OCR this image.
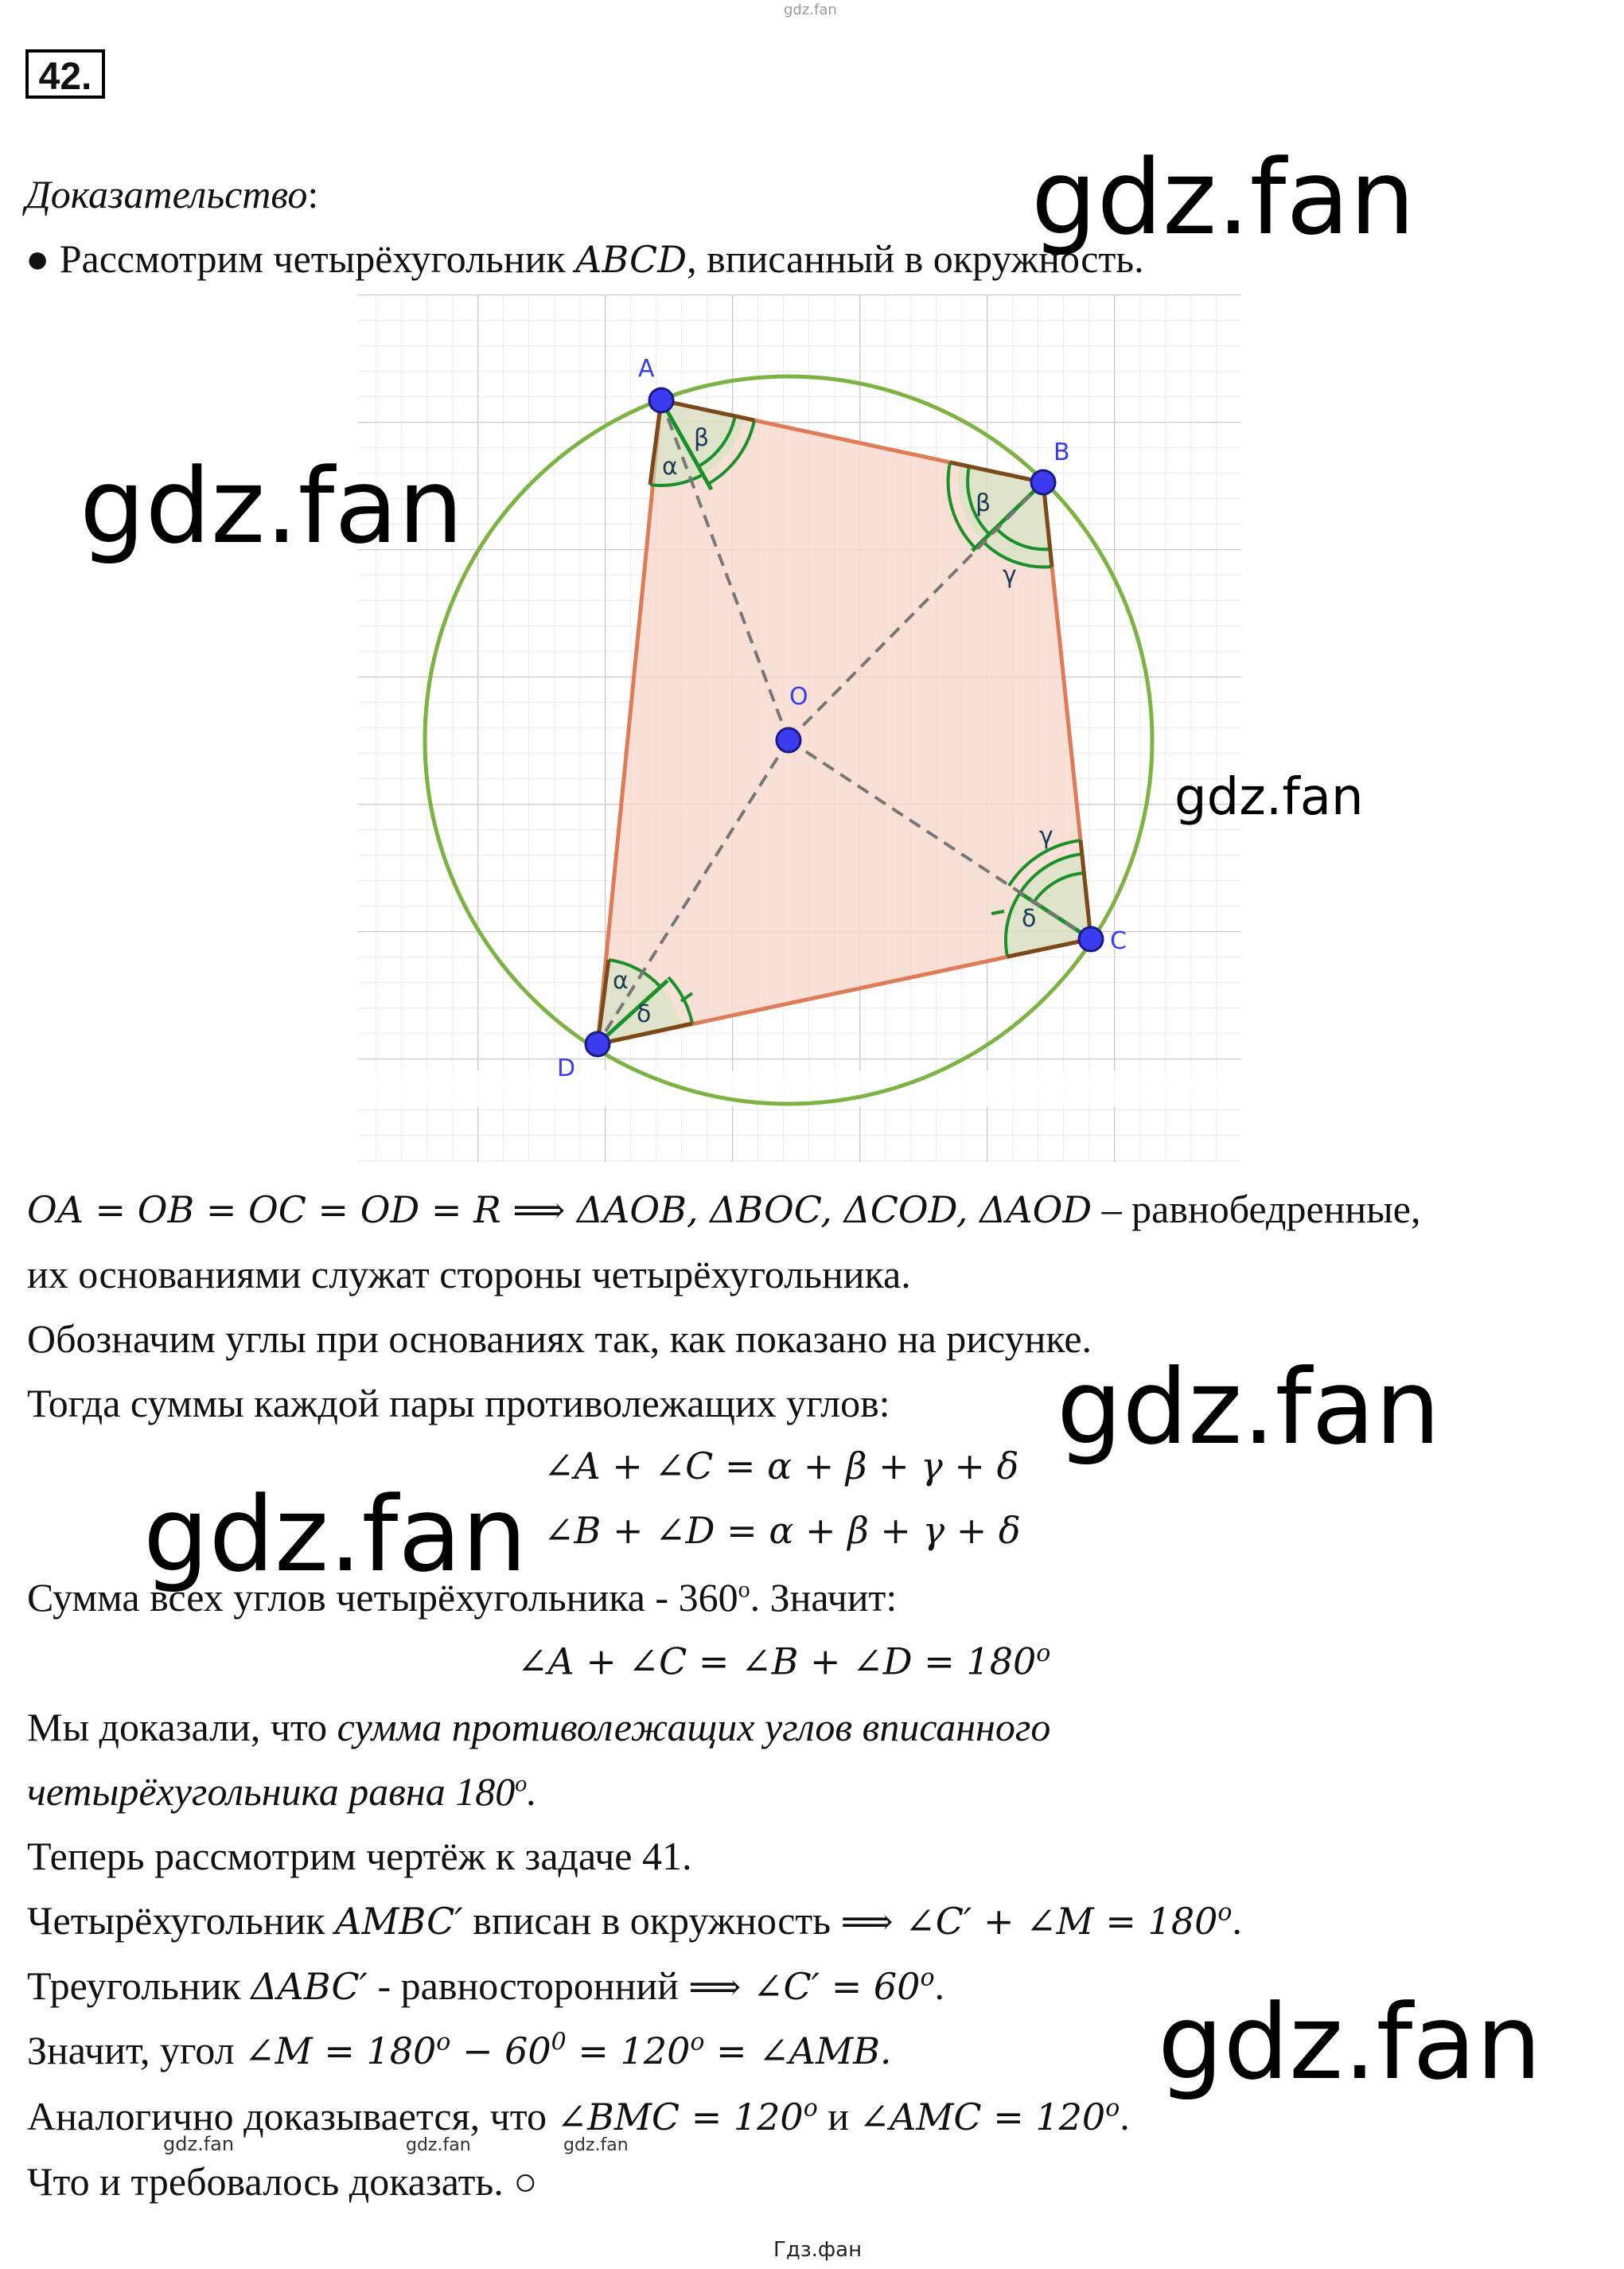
gdz.fan
42.
Доказательство:
● Рассмотрим четырёхугольник ABCD, вписанный в окружность.
A
B
C
D
O
α
β
β
γ
γ
δ
α
δ
OA = OB = OC = OD = R ⟹ ΔAOB, ΔBOC, ΔCOD, ΔAOD – равнобедренные,
их основаниями служат стороны четырёхугольника.
Обозначим углы при основаниях так, как показано на рисунке.
Тогда суммы каждой пары противолежащих углов:
∠A + ∠C = α + β + γ + δ
∠B + ∠D = α + β + γ + δ
Сумма всех углов четырёхугольника - 360$^o$. Значит:
∠A + ∠C = ∠B + ∠D = $180^o$
Мы доказали, что сумма противолежащих углов вписанного
четырёхугольника равна 180$^o$.
Теперь рассмотрим чертёж к задаче 41.
Четырёхугольник AMBC′ вписан в окружность ⟹ ∠C′ + ∠M = $180^o$.
Треугольник ΔABC′ - равносторонний ⟹ ∠C′ = $60^o$.
Значит, угол ∠M = $180^o - 60^0 = 120^o$ = ∠AMB.
Аналогично доказывается, что ∠BMC = $120^o$ и ∠AMC = $120^o$.
Что и требовалось доказать. ○
gdz.fan
gdz.fan
gdz.fan
gdz.fan
gdz.fan
gdz.fan
gdz.fan	gdz.fan	gdz.fan
Гдз.фан
